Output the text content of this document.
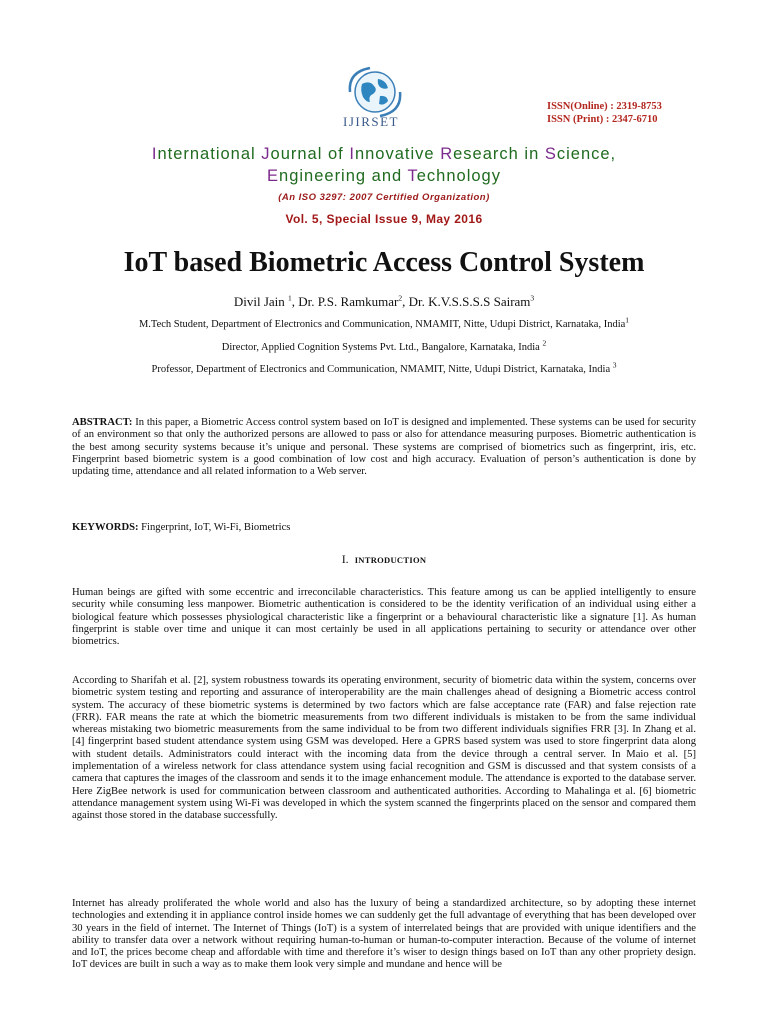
IJIRSET
ISSN(Online) : 2319-8753
ISSN (Print) : 2347-6710
International Journal of Innovative Research in Science,
Engineering and Technology
(An ISO 3297: 2007 Certified Organization)
Vol. 5, Special Issue 9, May 2016
IoT based Biometric Access Control System
Divil Jain $^1$, Dr. P.S. Ramkumar$^2$, Dr. K.V.S.S.S.S Sairam$^3$
M.Tech Student, Department of Electronics and Communication, NMAMIT, Nitte, Udupi District, Karnataka, India$^1$
Director, Applied Cognition Systems Pvt. Ltd., Bangalore, Karnataka, India $^2$
Professor, Department of Electronics and Communication, NMAMIT, Nitte, Udupi District, Karnataka, India $^3$

ABSTRACT: In this paper, a Biometric Access control system based on IoT is designed and implemented. These systems can be used for security of an environment so that only the authorized persons are allowed to pass or also for attendance measuring purposes. Biometric authentication is the best among security systems because it’s unique and personal. These systems are comprised of biometrics such as fingerprint, iris, etc. Fingerprint based biometric system is a good combination of low cost and high accuracy. Evaluation of person’s authentication is done by updating time, attendance and all related information to a Web server.

KEYWORDS: Fingerprint, IoT, Wi-Fi, Biometrics

I. INTRODUCTION

Human beings are gifted with some eccentric and irreconcilable characteristics. This feature among us can be applied intelligently to ensure security while consuming less manpower. Biometric authentication is considered to be the identity verification of an individual using either a biological feature which possesses physiological characteristic like a fingerprint or a behavioural characteristic like a signature [1]. As human fingerprint is stable over time and unique it can most certainly be used in all applications pertaining to security or attendance over other biometrics.

According to Sharifah et al. [2], system robustness towards its operating environment, security of biometric data within the system, concerns over biometric system testing and reporting and assurance of interoperability are the main challenges ahead of designing a Biometric access control system. The accuracy of these biometric systems is determined by two factors which are false acceptance rate (FAR) and false rejection rate (FRR). FAR means the rate at which the biometric measurements from two different individuals is mistaken to be from the same individual whereas mistaking two biometric measurements from the same individual to be from two different individuals signifies FRR [3]. In Zhang et al. [4] fingerprint based student attendance system using GSM was developed. Here a GPRS based system was used to store fingerprint data along with student details. Administrators could interact with the incoming data from the device through a central server. In Maio et al. [5] implementation of a wireless network for class attendance system using facial recognition and GSM is discussed and that system consists of a camera that captures the images of the classroom and sends it to the image enhancement module. The attendance is exported to the database server. Here ZigBee network is used for communication between classroom and authenticated authorities. According to Mahalinga et al. [6] biometric attendance management system using Wi-Fi was developed in which the system scanned the fingerprints placed on the sensor and compared them against those stored in the database successfully.

Internet has already proliferated the whole world and also has the luxury of being a standardized architecture, so by adopting these internet technologies and extending it in appliance control inside homes we can suddenly get the full advantage of everything that has been developed over 30 years in the field of internet. The Internet of Things (IoT) is a system of interrelated beings that are provided with unique identifiers and the ability to transfer data over a network without requiring human-to-human or human-to-computer interaction. Because of the volume of internet and IoT, the prices become cheap and affordable with time and therefore it’s wiser to design things based on IoT than any other propriety design. IoT devices are built in such a way as to make them look very simple and mundane and hence will be
